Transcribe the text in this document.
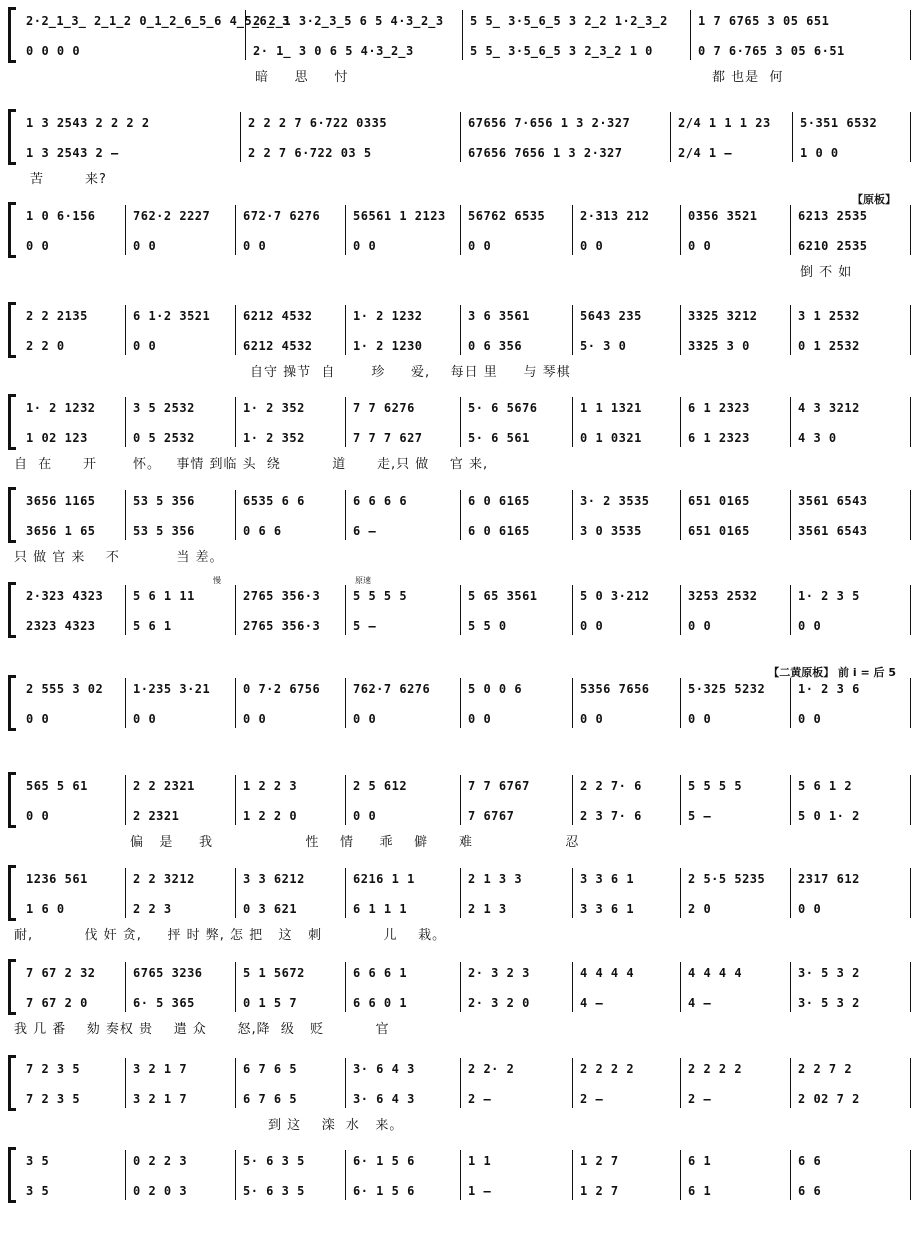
2·2̲1̲3̲ 2̲1̲2 0̲1̲2̲6̲5̲6 4̲5̲6̲ 3
0 0 0 0
2 2̲1 3·2̲3̲5 6 5 4·3̲2̲3
2· 1̲ 3 0 6 5 4·3̲2̲3
5 5̲ 3·5̲6̲5 3 2̲2 1·2̲3̲2
5 5̲ 3·5̲6̲5 3 2̲3̲2 1 0
1 7 6765 3 05 651
0 7 6·765 3 05 6·51
暗     思     忖	都 也是  何
1 3 2543 2 2 2 2
1 3 2543 2 —
2 2 2 7 6·722 0335
2 2 7 6·722 03 5
67656 7·656 1 3 2·327
67656 7656 1 3 2·327
2/4 1 1 1 23
2/4 1 —
5·351 6532
1 0 0
苦        来?
1 0 6·156
0 0
762·2 2227
0 0
672·7 6276
0 0
56561 1 2123
0 0
56762 6535
0 0
2·313 212
0 0
0356 3521
0 0
6213 2535
6210 2535
倒 不 如
【原板】
2 2 2135
2 2 0
6 1·2 3521
0 0
6212 4532
6212 4532
1· 2 1232
1· 2 1230
3 6 3561
0 6 356
5643 235
5· 3 0
3325 3212
3325 3 0
3 1 2532
0 1 2532
自守 操节  自       珍     爱,    每日 里     与 琴棋
1· 2 1232
1 02 123
3 5 2532
0 5 2532
1· 2 352
1· 2 352
7 7 6276
7 7 7 627
5· 6 5676
5· 6 561
1 1 1321
0 1 0321
6 1 2323
6 1 2323
4 3 3212
4 3 0
自  在      开       怀。   事情 到临 头  绕          道      走,只 做    官 来,
3656 1165
3656 1 65
53 5 356
53 5 356
6535 6 6
0 6 6
6 6 6 6
6 —
6 0 6165
6 0 6165
3· 2 3535
3 0 3535
651 0165
651 0165
3561 6543
3561 6543
只 做 官 来    不           当 差。
2·323 4323
2323 4323
5 6 1 11
5 6 1
2765 356·3
2765 356·3
5 5 5 5
5 —
5 65 3561
5 5 0
5 0 3·212
0 0
3253 2532
0 0
1· 2 3 5
0 0
慢	原速
2 555 3 02
0 0
1·235 3·21
0 0
0 7·2 6756
0 0
762·7 6276
0 0
5 0 0 6
0 0
5356 7656
0 0
5·325 5232
0 0
1· 2 3 6
0 0
【二黄原板】 前 i = 后 5
565 5 61
0 0
2 2 2321
2 2321
1 2 2 3
1 2 2 0
2 5 612
0 0
7 7 6767
7 6767
2 2 7· 6
2 3 7· 6
5 5 5 5
5 —
5 6 1 2
5 0 1· 2
偏   是     我                  性    情     乖    僻      难                  忍
1236 561
1 6 0
2 2 3212
2 2 3
3 3 6212
0 3 621
6216 1 1
6 1 1 1
2 1 3 3
2 1 3
3 3 6 1
3 3 6 1
2 5·5 5235
2 0
2317 612
0 0
耐,          伐 奸 贪,     抨 时 弊, 怎 把   这   刺            儿    栽。
7 67 2 32
7 67 2 0
6765 3236
6· 5 365
5 1 5672
0 1 5 7
6 6 6 1
6 6 0 1
2· 3 2 3
2· 3 2 0
4 4 4 4
4 —
4 4 4 4
4 —
3· 5 3 2
3· 5 3 2
我 几 番    劾 奏权 贵    遣 众      怒,降  级   贬          官
7 2 3 5
7 2 3 5
3 2 1 7
3 2 1 7
6 7 6 5
6 7 6 5
3· 6 4 3
3· 6 4 3
2 2· 2
2 —
2 2 2 2
2 —
2 2 2 2
2 —
2 2 7 2
2 02 7 2
到 这    滦  水   来。
3 5
3 5
0 2 2 3
0 2 0 3
5· 6 3 5
5· 6 3 5
6· 1 5 6
6· 1 5 6
1 1
1 —
1 2 7
1 2 7
6 1
6 1
6 6
6 6
